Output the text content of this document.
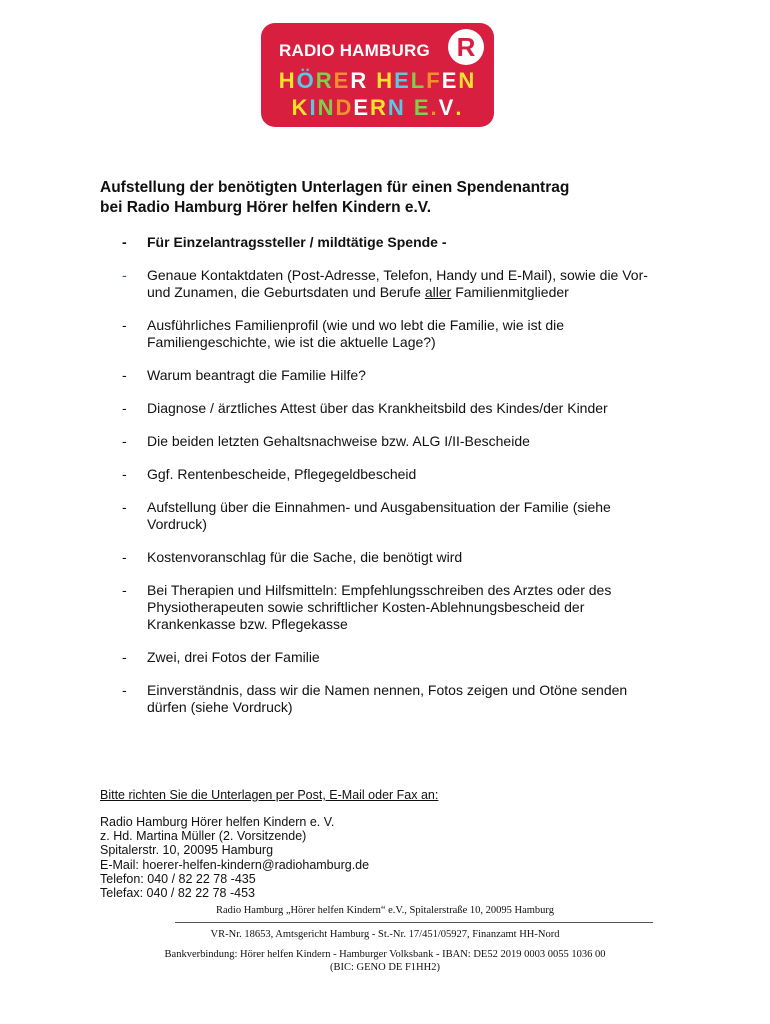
RADIO HAMBURG	R
HÖRER HELFEN
KINDERN E.V.
Aufstellung der benötigten Unterlagen für einen Spendenantrag
bei Radio Hamburg Hörer helfen Kindern e.V.
- Für Einzelantragssteller / mildtätige Spende -
- Genaue Kontaktdaten (Post-Adresse, Telefon, Handy und E-Mail), sowie die Vor-und Zunamen, die Geburtsdaten und Berufe aller Familienmitglieder
- Ausführliches Familienprofil (wie und wo lebt die Familie, wie ist die Familiengeschichte, wie ist die aktuelle Lage?)
- Warum beantragt die Familie Hilfe?
- Diagnose / ärztliches Attest über das Krankheitsbild des Kindes/der Kinder
- Die beiden letzten Gehaltsnachweise bzw. ALG I/II-Bescheide
- Ggf. Rentenbescheide, Pflegegeldbescheid
- Aufstellung über die Einnahmen- und Ausgabensituation der Familie (siehe Vordruck)
- Kostenvoranschlag für die Sache, die benötigt wird
- Bei Therapien und Hilfsmitteln: Empfehlungsschreiben des Arztes oder des Physiotherapeuten sowie schriftlicher Kosten-Ablehnungsbescheid der Krankenkasse bzw. Pflegekasse
- Zwei, drei Fotos der Familie
- Einverständnis, dass wir die Namen nennen, Fotos zeigen und Otöne senden dürfen (siehe Vordruck)
Bitte richten Sie die Unterlagen per Post, E-Mail oder Fax an:
Radio Hamburg Hörer helfen Kindern e. V.
z. Hd. Martina Müller (2. Vorsitzende)
Spitalerstr. 10, 20095 Hamburg
E-Mail: hoerer-helfen-kindern@radiohamburg.de
Telefon: 040 / 82 22 78 -435
Telefax: 040 / 82 22 78 -453
Radio Hamburg „Hörer helfen Kindern“ e.V., Spitalerstraße 10, 20095 Hamburg
VR-Nr. 18653, Amtsgericht Hamburg - St.-Nr. 17/451/05927, Finanzamt HH-Nord
Bankverbindung: Hörer helfen Kindern - Hamburger Volksbank - IBAN: DE52 2019 0003 0055 1036 00
(BIC: GENO DE F1HH2)
